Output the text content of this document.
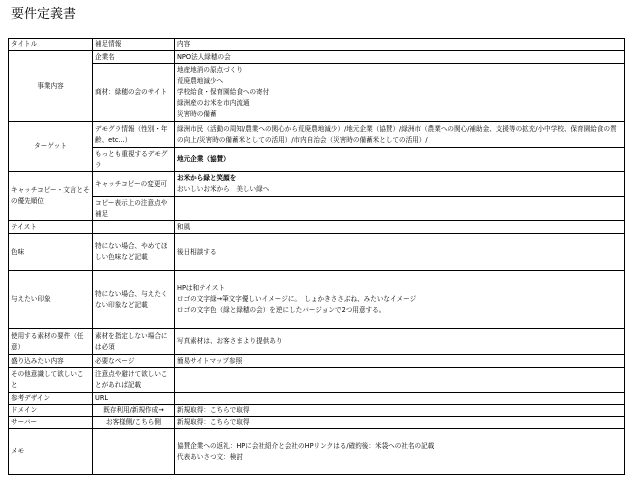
要件定義書
タイトル	補足情報	内容
事業内容	企業名	NPO法人緑穂の会
	商材：緑穂の会のサイト	地産地消の原点づくり
荒廃農地減少へ
学校給食・保育園給食への寄付
緑洲産のお米を市内流通
災害時の備蓄

ターゲット	デモグラ情報（性別・年齢、etc...）	緑洲市民（活動の周知/農業への関心から荒廃農地減少）/地元企業（協賛）/緑洲市（農業への関心/補助金、支援等の拡充/小中学校、保育園給食の質の向上/災害時の備蓄米としての活用）/市内自治会（災害時の備蓄米としての活用）/
	もっとも重視するデモグラ	地元企業（協賛）
キャッチコピー・文言とその優先順位	キャッチコピーの変更可	お米から緑と笑顔を
おいしいお米から　美しい緑へ

	コピー表示上の注意点や補足	
テイスト		和風
色味	特にない場合、やめてほしい色味など記載	後日相談する
与えたい印象	特にない場合、与えたくない印象など記載	HPは和テイスト
ロゴの文字緑→筆文字優しいイメージに。　しょかきささぶね、みたいなイメージ
ロゴの文字色（緑と緑穂の会）を逆にしたバージョンで2つ用意する。

使用する素材の要件（任意）	素材を指定しない場合には必須	写真素材は、お客さまより提供あり
盛り込みたい内容	必要なページ	簡易サイトマップ参照
その他意識して欲しいこと	注意点や避けて欲しいことがあれば記載	
参考デザイン	URL	
ドメイン	既存利用/新規作成→	新規取得：こちらで取得
サーバー	お客様側/こちら側	新規取得：こちらで取得
メモ		協賛企業への返礼：HPに会社紹介と会社のHPリンクはる/確約後：米袋への社名の記載
代表あいさつ文：検討
